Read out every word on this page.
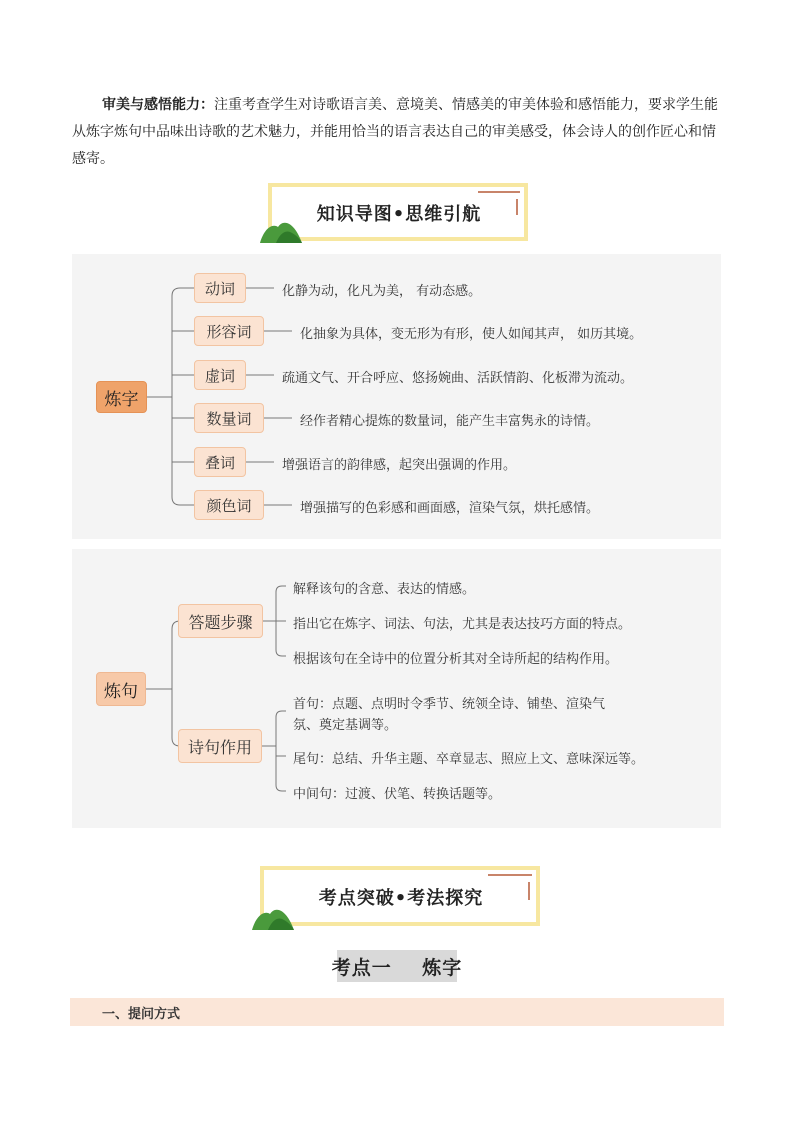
审美与感悟能力：注重考查学生对诗歌语言美、意境美、情感美的审美体验和感悟能力，要求学生能从炼字炼句中品味出诗歌的艺术魅力，并能用恰当的语言表达自己的审美感受，体会诗人的创作匠心和情感寄。
知识导图•思维引航
炼字
动词	化静为动，化凡为美， 有动态感。
形容词	化抽象为具体，变无形为有形，使人如闻其声， 如历其境。
虚词	疏通文气、开合呼应、悠扬婉曲、活跃情韵、化板滞为流动。
数量词	经作者精心提炼的数量词，能产生丰富隽永的诗情。
叠词	增强语言的韵律感，起突出强调的作用。
颜色词	增强描写的色彩感和画面感，渲染气氛，烘托感情。
炼句
答题步骤
解释该句的含意、表达的情感。
指出它在炼字、词法、句法，尤其是表达技巧方面的特点。
根据该句在全诗中的位置分析其对全诗所起的结构作用。
诗句作用
首句：点题、点明时令季节、统领全诗、铺垫、渲染气
氛、奠定基调等。
尾句：总结、升华主题、卒章显志、照应上文、意味深远等。
中间句：过渡、伏笔、转换话题等。
考点突破•考法探究
考点一    炼字
一、提问方式
